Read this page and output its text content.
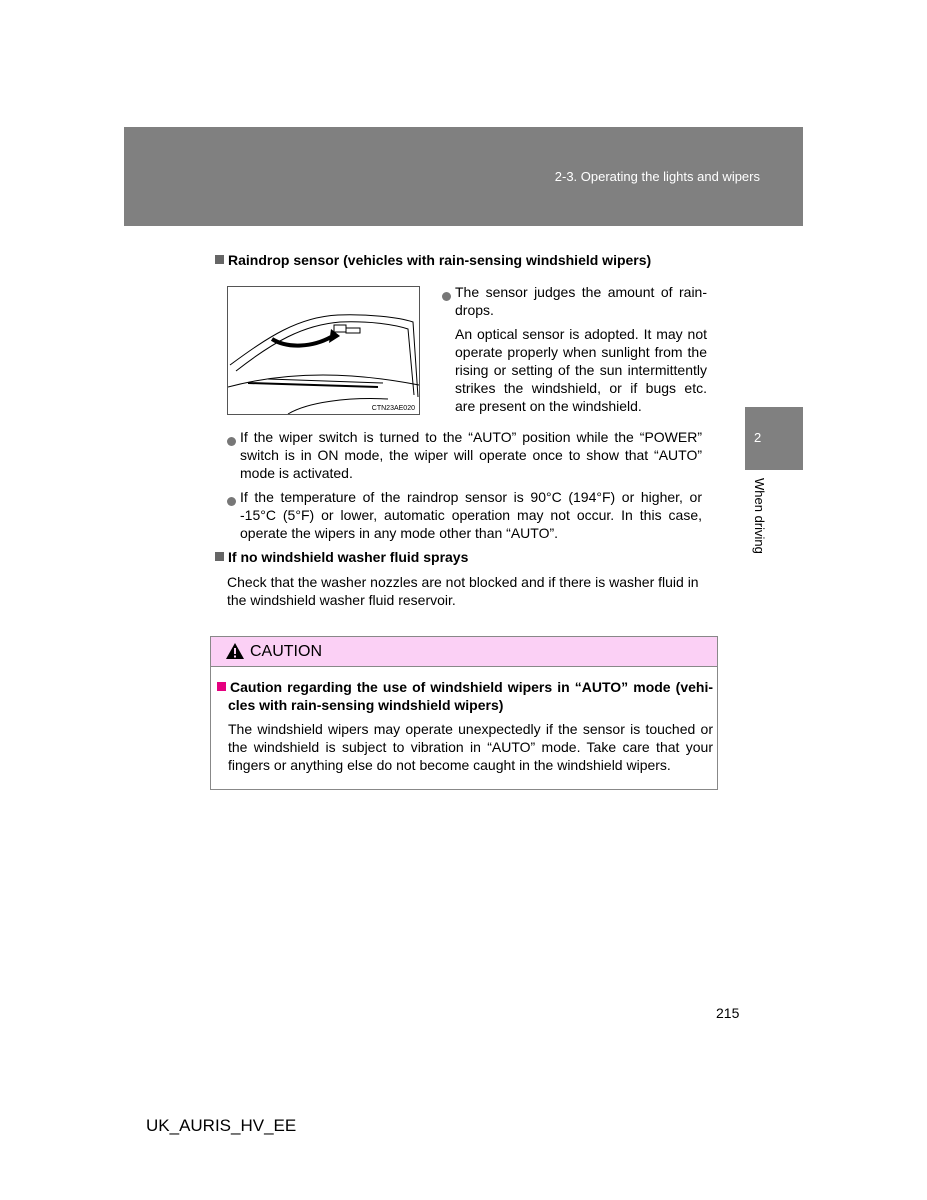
2-3. Operating the lights and wipers
2
When driving
Raindrop sensor (vehicles with rain-sensing windshield wipers)
CTN23AE020
The sensor judges the amount of rain-
drops.
An optical sensor is adopted. It may not
operate properly when sunlight from the
rising or setting of the sun intermittently
strikes the windshield, or if bugs etc.
are present on the windshield.
If the wiper switch is turned to the “AUTO” position while the “POWER” switch is in ON mode, the wiper will operate once to show that “AUTO” mode is activated.
If the temperature of the raindrop sensor is 90°C (194°F) or higher, or -15°C (5°F) or lower, automatic operation may not occur. In this case, operate the wipers in any mode other than “AUTO”.
If no windshield washer fluid sprays
Check that the washer nozzles are not blocked and if there is washer fluid in the windshield washer fluid reservoir.
CAUTION
Caution regarding the use of windshield wipers in “AUTO” mode (vehi-
cles with rain-sensing windshield wipers)
The windshield wipers may operate unexpectedly if the sensor is touched or the windshield is subject to vibration in “AUTO” mode. Take care that your fingers or anything else do not become caught in the windshield wipers.
215
UK_AURIS_HV_EE
